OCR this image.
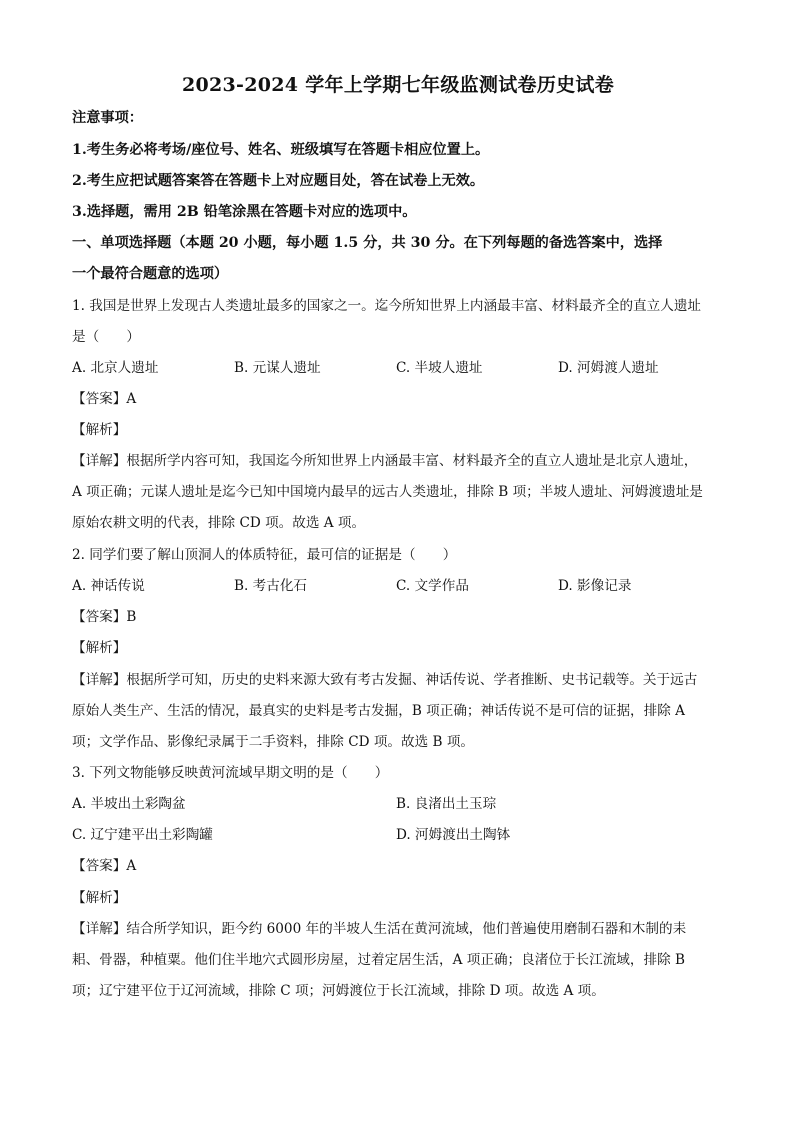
2023-2024 学年上学期七年级监测试卷历史试卷
注意事项：
1.考生务必将考场/座位号、姓名、班级填写在答题卡相应位置上。
2.考生应把试题答案答在答题卡上对应题目处，答在试卷上无效。
3.选择题，需用 2B 铅笔涂黑在答题卡对应的选项中。
一、单项选择题（本题 20 小题，每小题 1.5 分，共 30 分。在下列每题的备选答案中，选择
一个最符合题意的选项）
1. 我国是世界上发现古人类遗址最多的国家之一。迄今所知世界上内涵最丰富、材料最齐全的直立人遗址
是（　　）
A. 北京人遗址	B. 元谋人遗址	C. 半坡人遗址	D. 河姆渡人遗址
【答案】A
【解析】
【详解】根据所学内容可知，我国迄今所知世界上内涵最丰富、材料最齐全的直立人遗址是北京人遗址，
A 项正确；元谋人遗址是迄今已知中国境内最早的远古人类遗址，排除 B 项；半坡人遗址、河姆渡遗址是
原始农耕文明的代表，排除 CD 项。故选 A 项。
2. 同学们要了解山顶洞人的体质特征，最可信的证据是（　　）
A. 神话传说	B. 考古化石	C. 文学作品	D. 影像记录
【答案】B
【解析】
【详解】根据所学可知，历史的史料来源大致有考古发掘、神话传说、学者推断、史书记载等。关于远古
原始人类生产、生活的情况，最真实的史料是考古发掘，B 项正确；神话传说不是可信的证据，排除 A
项；文学作品、影像纪录属于二手资料，排除 CD 项。故选 B 项。
3. 下列文物能够反映黄河流域早期文明的是（　　）
A. 半坡出土彩陶盆	B. 良渚出土玉琮
C. 辽宁建平出土彩陶罐	D. 河姆渡出土陶钵
【答案】A
【解析】
【详解】结合所学知识，距今约 6000 年的半坡人生活在黄河流域，他们普遍使用磨制石器和木制的耒
耜、骨器，种植粟。他们住半地穴式圆形房屋，过着定居生活，A 项正确；良渚位于长江流域，排除 B
项；辽宁建平位于辽河流域，排除 C 项；河姆渡位于长江流域，排除 D 项。故选 A 项。
